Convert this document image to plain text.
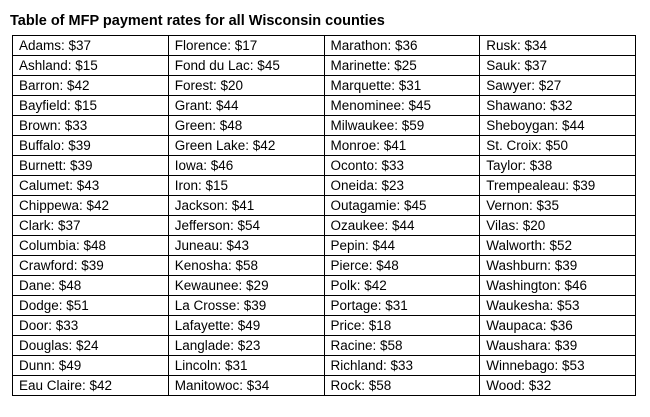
Table of MFP payment rates for all Wisconsin counties
Adams: $37	Florence: $17	Marathon: $36	Rusk: $34
Ashland: $15	Fond du Lac: $45	Marinette: $25	Sauk: $37
Barron: $42	Forest: $20	Marquette: $31	Sawyer: $27
Bayfield: $15	Grant: $44	Menominee: $45	Shawano: $32
Brown: $33	Green: $48	Milwaukee: $59	Sheboygan: $44
Buffalo: $39	Green Lake: $42	Monroe: $41	St. Croix: $50
Burnett: $39	Iowa: $46	Oconto: $33	Taylor: $38
Calumet: $43	Iron: $15	Oneida: $23	Trempealeau: $39
Chippewa: $42	Jackson: $41	Outagamie: $45	Vernon: $35
Clark: $37	Jefferson: $54	Ozaukee: $44	Vilas: $20
Columbia: $48	Juneau: $43	Pepin: $44	Walworth: $52
Crawford: $39	Kenosha: $58	Pierce: $48	Washburn: $39
Dane: $48	Kewaunee: $29	Polk: $42	Washington: $46
Dodge: $51	La Crosse: $39	Portage: $31	Waukesha: $53
Door: $33	Lafayette: $49	Price: $18	Waupaca: $36
Douglas: $24	Langlade: $23	Racine: $58	Waushara: $39
Dunn: $49	Lincoln: $31	Richland: $33	Winnebago: $53
Eau Claire: $42	Manitowoc: $34	Rock: $58	Wood: $32
